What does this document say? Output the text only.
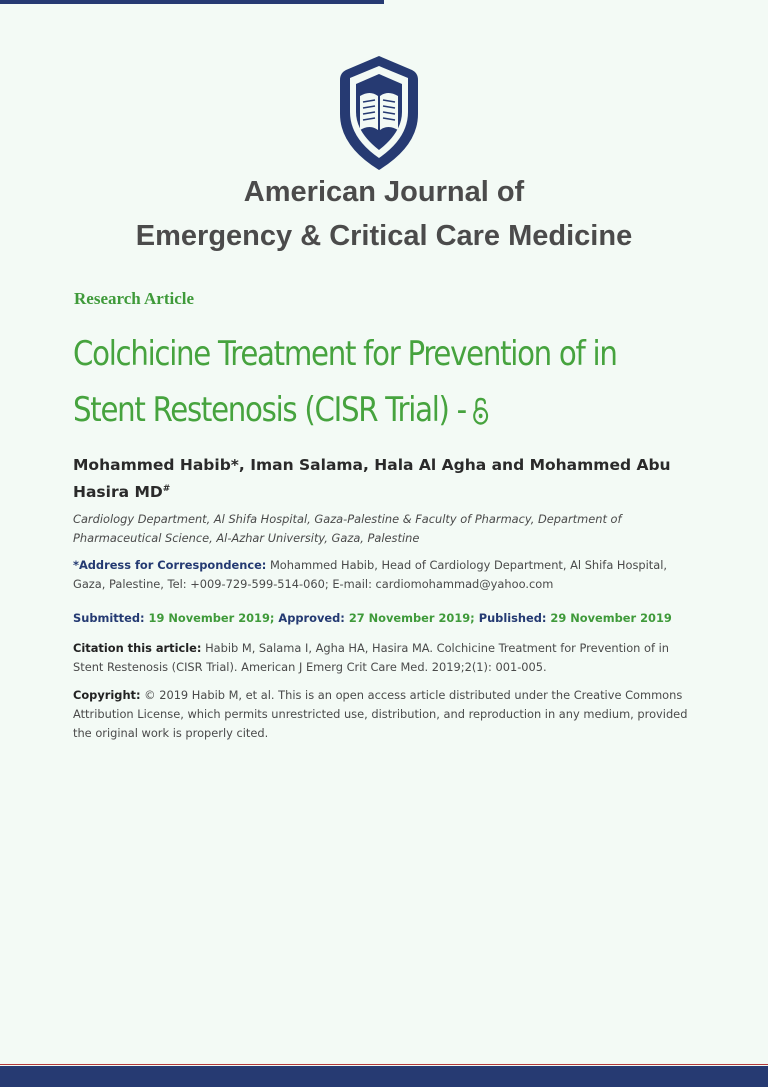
American Journal of
Emergency & Critical Care Medicine
Research Article
Colchicine Treatment for Prevention of in
Stent Restenosis (CISR Trial) -
Mohammed Habib*, Iman Salama, Hala Al Agha and Mohammed Abu
Hasira MD#
Cardiology Department, Al Shifa Hospital, Gaza-Palestine & Faculty of Pharmacy, Department of Pharmaceutical Science, Al-Azhar University, Gaza, Palestine
*Address for Correspondence: Mohammed Habib, Head of Cardiology Department, Al Shifa Hospital, Gaza, Palestine, Tel: +009-729-599-514-060; E-mail: cardiomohammad@yahoo.com
Submitted: 19 November 2019; Approved: 27 November 2019; Published: 29 November 2019
Citation this article: Habib M, Salama I, Agha HA, Hasira MA. Colchicine Treatment for Prevention of in Stent Restenosis (CISR Trial). American J Emerg Crit Care Med. 2019;2(1): 001-005.
Copyright: © 2019 Habib M, et al. This is an open access article distributed under the Creative Commons Attribution License, which permits unrestricted use, distribution, and reproduction in any medium, provided the original work is properly cited.
